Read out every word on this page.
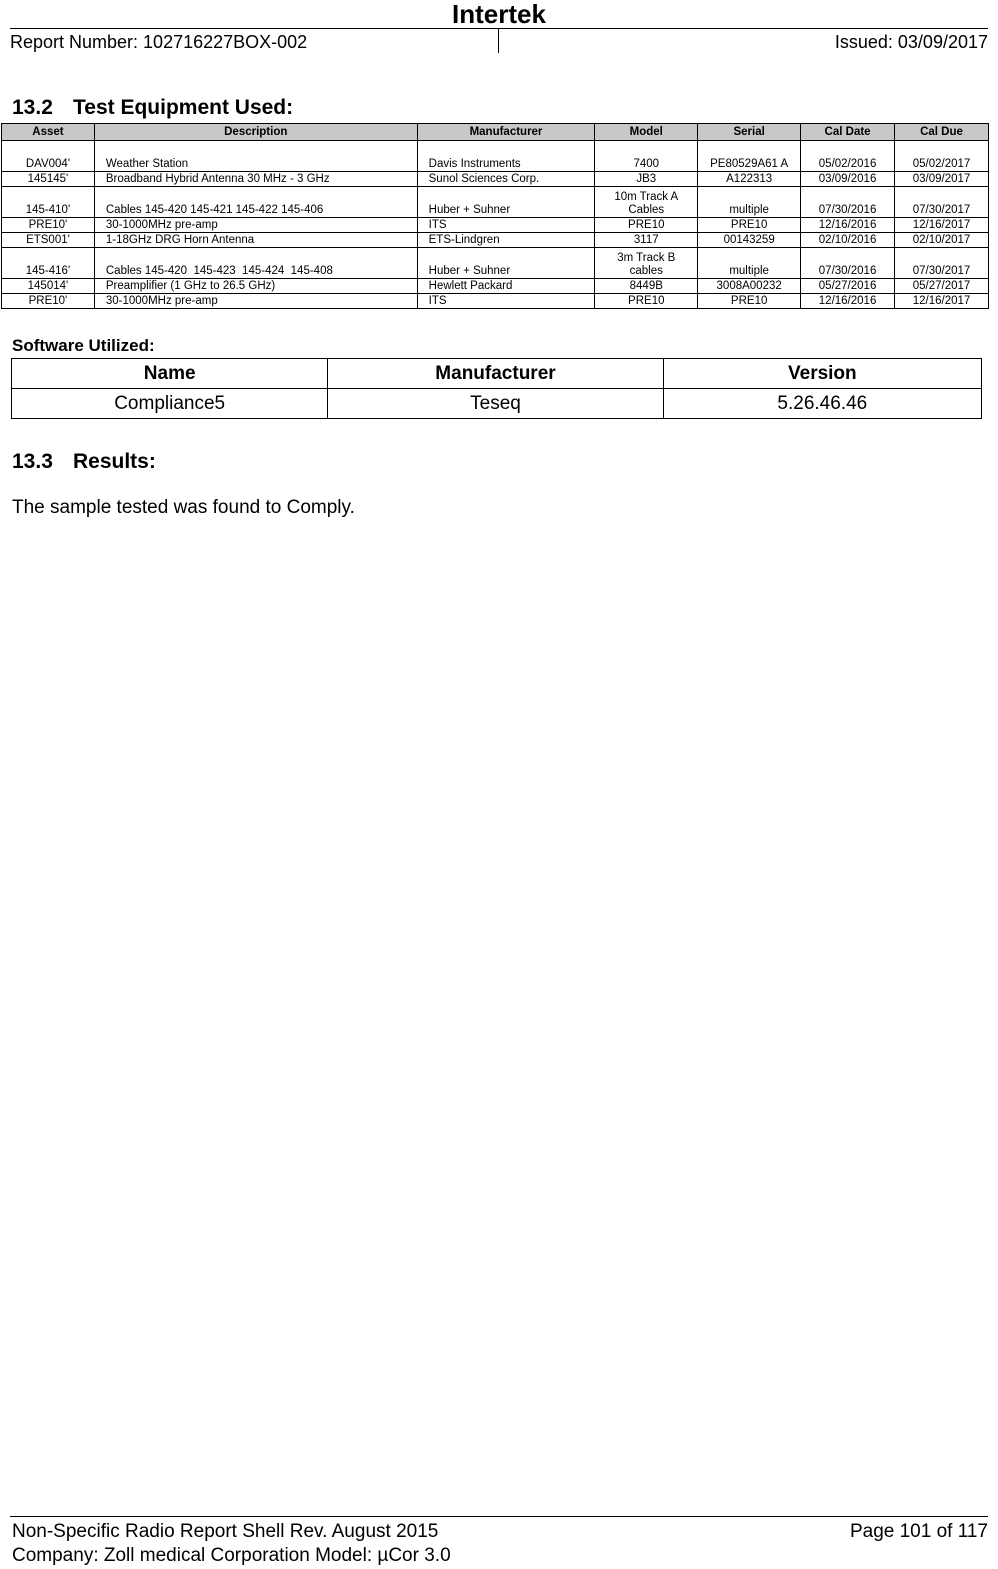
Intertek
Report Number: 102716227BOX-002	Issued: 03/09/2017
13.2 Test Equipment Used:
Asset	Description	Manufacturer	Model	Serial	Cal Date	Cal Due
DAV004'	Weather Station	Davis Instruments	7400	PE80529A61 A	05/02/2016	05/02/2017
145145'	Broadband Hybrid Antenna 30 MHz - 3 GHz	Sunol Sciences Corp.	JB3	A122313	03/09/2016	03/09/2017
145-410'	Cables 145-420 145-421 145-422 145-406	Huber + Suhner	10m Track A Cables	multiple	07/30/2016	07/30/2017
PRE10'	30-1000MHz pre-amp	ITS	PRE10	PRE10	12/16/2016	12/16/2017
ETS001'	1-18GHz DRG Horn Antenna	ETS-Lindgren	3117	00143259	02/10/2016	02/10/2017
145-416'	Cables 145-420  145-423  145-424  145-408	Huber + Suhner	3m Track B cables	multiple	07/30/2016	07/30/2017
145014'	Preamplifier (1 GHz to 26.5 GHz)	Hewlett Packard	8449B	3008A00232	05/27/2016	05/27/2017
PRE10'	30-1000MHz pre-amp	ITS	PRE10	PRE10	12/16/2016	12/16/2017
Software Utilized:
Name	Manufacturer	Version
Compliance5	Teseq	5.26.46.46
13.3 Results:
The sample tested was found to Comply.
Non-Specific Radio Report Shell Rev. August 2015	Page 101 of 117
Company: Zoll medical Corporation Model: µCor 3.0
